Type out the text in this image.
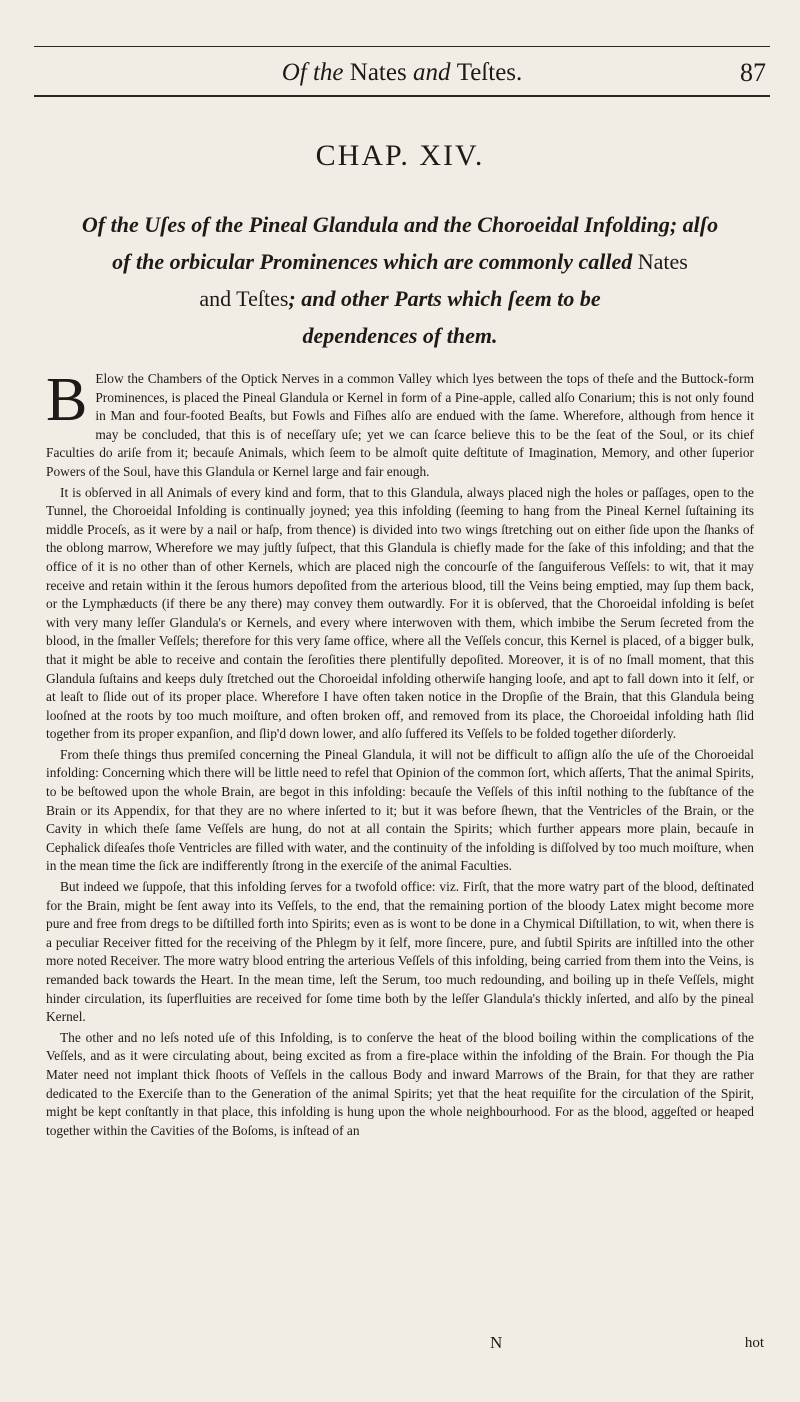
Of the Nates and Teſtes.	87
CHAP. XIV.
Of the Uſes of the Pineal Glandula and the Choroeidal Infolding; alſo
of the orbicular Prominences which are commonly called Nates
and Teſtes; and other Parts which ſeem to be
dependences of them.

B Elow the Chambers of the Optick Nerves in a common Valley which lyes between the tops of theſe and the Buttock-form Prominences, is placed the Pineal Glandula or Kernel in form of a Pine-apple, called alſo Conarium; this is not only found in Man and four-footed Beaſts, but Fowls and Fiſhes alſo are endued with the ſame. Wherefore, although from hence it may be concluded, that this is of neceſſary uſe; yet we can ſcarce believe this to be the ſeat of the Soul, or its chief Faculties do ariſe from it; becauſe Animals, which ſeem to be almoſt quite deſtitute of Imagination, Memory, and other ſuperior Powers of the Soul, have this Glandula or Kernel large and fair enough.

It is obſerved in all Animals of every kind and form, that to this Glandula, always placed nigh the holes or paſſages, open to the Tunnel, the Choroeidal Infolding is continually joyned; yea this infolding (ſeeming to hang from the Pineal Kernel ſuſtaining its middle Proceſs, as it were by a nail or haſp, from thence) is divided into two wings ſtretching out on either ſide upon the ſhanks of the oblong marrow, Wherefore we may juſtly ſuſpect, that this Glandula is chiefly made for the ſake of this infolding; and that the office of it is no other than of other Kernels, which are placed nigh the concourſe of the ſanguiferous Veſſels: to wit, that it may receive and retain within it the ſerous humors depoſited from the arterious blood, till the Veins being emptied, may ſup them back, or the Lymphæducts (if there be any there) may convey them outwardly. For it is obſerved, that the Choroeidal infolding is beſet with very many leſſer Glandula's or Kernels, and every where interwoven with them, which imbibe the Serum ſecreted from the blood, in the ſmaller Veſſels; therefore for this very ſame office, where all the Veſſels concur, this Kernel is placed, of a bigger bulk, that it might be able to receive and contain the ſeroſities there plentifully depoſited. Moreover, it is of no ſmall moment, that this Glandula ſuſtains and keeps duly ſtretched out the Choroeidal infolding otherwiſe hanging looſe, and apt to fall down into it ſelf, or at leaſt to ſlide out of its proper place. Wherefore I have often taken notice in the Dropſie of the Brain, that this Glandula being looſned at the roots by too much moiſture, and often broken off, and removed from its place, the Choroeidal infolding hath ſlid together from its proper expanſion, and ſlip'd down lower, and alſo ſuffered its Veſſels to be folded together diſorderly.

From theſe things thus premiſed concerning the Pineal Glandula, it will not be difficult to aſſign alſo the uſe of the Choroeidal infolding: Concerning which there will be little need to refel that Opinion of the common ſort, which aſſerts, That the animal Spirits, to be beſtowed upon the whole Brain, are begot in this infolding: becauſe the Veſſels of this inſtil nothing to the ſubſtance of the Brain or its Appendix, for that they are no where inſerted to it; but it was before ſhewn, that the Ventricles of the Brain, or the Cavity in which theſe ſame Veſſels are hung, do not at all contain the Spirits; which further appears more plain, becauſe in Cephalick diſeaſes thoſe Ventricles are filled with water, and the continuity of the infolding is diſſolved by too much moiſture, when in the mean time the ſick are indifferently ſtrong in the exerciſe of the animal Faculties.

But indeed we ſuppoſe, that this infolding ſerves for a twofold office: viz. Firſt, that the more watry part of the blood, deſtinated for the Brain, might be ſent away into its Veſſels, to the end, that the remaining portion of the bloody Latex might become more pure and free from dregs to be diſtilled forth into Spirits; even as is wont to be done in a Chymical Diſtillation, to wit, when there is a peculiar Receiver fitted for the receiving of the Phlegm by it ſelf, more ſincere, pure, and ſubtil Spirits are inſtilled into the other more noted Receiver. The more watry blood entring the arterious Veſſels of this infolding, being carried from them into the Veins, is remanded back towards the Heart. In the mean time, leſt the Serum, too much redounding, and boiling up in theſe Veſſels, might hinder circulation, its ſuperfluities are received for ſome time both by the leſſer Glandula's thickly inſerted, and alſo by the pineal Kernel.

The other and no leſs noted uſe of this Infolding, is to conſerve the heat of the blood boiling within the complications of the Veſſels, and as it were circulating about, being excited as from a fire-place within the infolding of the Brain. For though the Pia Mater need not implant thick ſhoots of Veſſels in the callous Body and inward Marrows of the Brain, for that they are rather dedicated to the Exerciſe than to the Generation of the animal Spirits; yet that the heat requiſite for the circulation of the Spirit, might be kept conſtantly in that place, this infolding is hung upon the whole neighbourhood. For as the blood, aggeſted or heaped together within the Cavities of the Boſoms, is inſtead of an

N	hot
